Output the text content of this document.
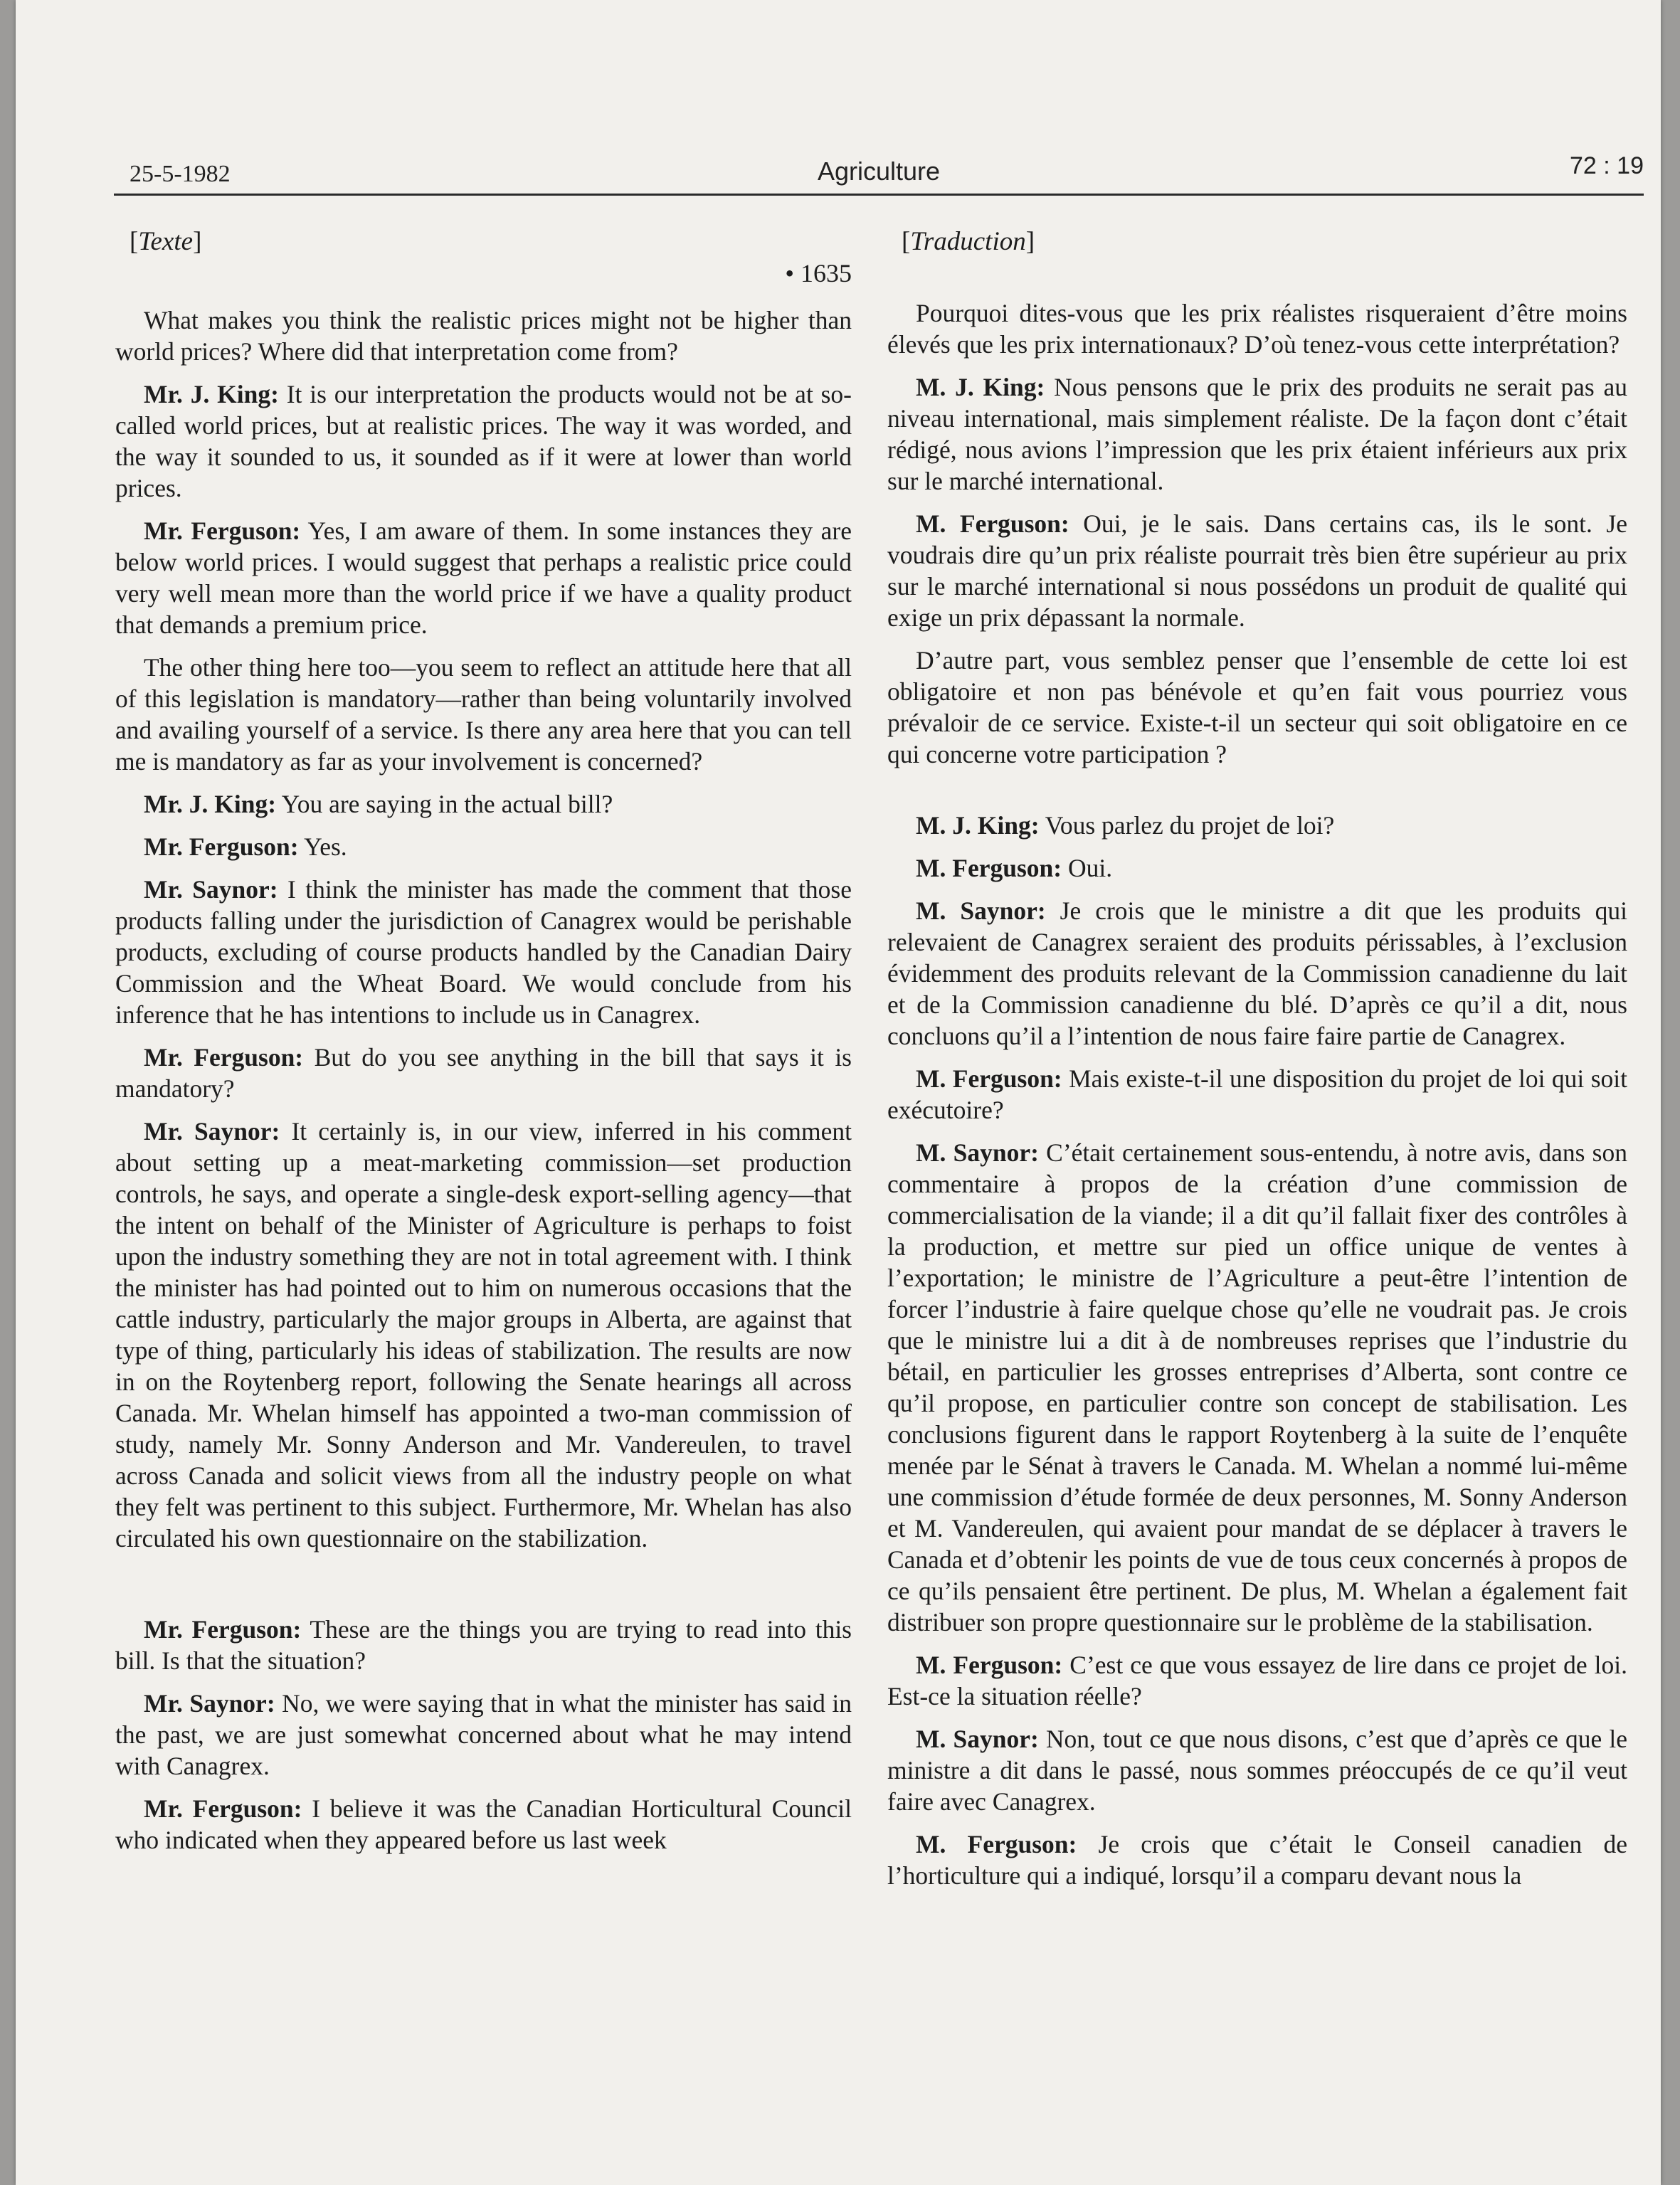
25-5-1982	Agriculture	72 : 19
[Texte]
• 1635

What makes you think the realistic prices might not be higher than world prices? Where did that interpretation come from?

Mr. J. King: It is our interpretation the products would not be at so-called world prices, but at realistic prices. The way it was worded, and the way it sounded to us, it sounded as if it were at lower than world prices.

Mr. Ferguson: Yes, I am aware of them. In some instances they are below world prices. I would suggest that perhaps a realistic price could very well mean more than the world price if we have a quality product that demands a premium price.

The other thing here too—you seem to reflect an attitude here that all of this legislation is mandatory—rather than being voluntarily involved and availing yourself of a service. Is there any area here that you can tell me is mandatory as far as your involvement is concerned?

Mr. J. King: You are saying in the actual bill?

Mr. Ferguson: Yes.

Mr. Saynor: I think the minister has made the comment that those products falling under the jurisdiction of Canagrex would be perishable products, excluding of course products handled by the Canadian Dairy Commission and the Wheat Board. We would conclude from his inference that he has intentions to include us in Canagrex.

Mr. Ferguson: But do you see anything in the bill that says it is mandatory?

Mr. Saynor: It certainly is, in our view, inferred in his comment about setting up a meat-marketing commission—set production controls, he says, and operate a single-desk export-selling agency—that the intent on behalf of the Minister of Agriculture is perhaps to foist upon the industry something they are not in total agreement with. I think the minister has had pointed out to him on numerous occasions that the cattle industry, particularly the major groups in Alberta, are against that type of thing, particularly his ideas of stabilization. The results are now in on the Roytenberg report, following the Senate hearings all across Canada. Mr. Whelan himself has appointed a two-man commission of study, namely Mr. Sonny Anderson and Mr. Vandereulen, to travel across Canada and solicit views from all the industry people on what they felt was pertinent to this subject. Furthermore, Mr. Whelan has also circulated his own questionnaire on the stabilization.

Mr. Ferguson: These are the things you are trying to read into this bill. Is that the situation?

Mr. Saynor: No, we were saying that in what the minister has said in the past, we are just somewhat concerned about what he may intend with Canagrex.

Mr. Ferguson: I believe it was the Canadian Horticultural Council who indicated when they appeared before us last week

[Traduction]

Pourquoi dites-vous que les prix réalistes risqueraient d’être moins élevés que les prix internationaux? D’où tenez-vous cette interprétation?

M. J. King: Nous pensons que le prix des produits ne serait pas au niveau international, mais simplement réaliste. De la façon dont c’était rédigé, nous avions l’impression que les prix étaient inférieurs aux prix sur le marché international.

M. Ferguson: Oui, je le sais. Dans certains cas, ils le sont. Je voudrais dire qu’un prix réaliste pourrait très bien être supérieur au prix sur le marché international si nous possédons un produit de qualité qui exige un prix dépassant la normale.

D’autre part, vous semblez penser que l’ensemble de cette loi est obligatoire et non pas bénévole et qu’en fait vous pourriez vous prévaloir de ce service. Existe-t-il un secteur qui soit obligatoire en ce qui concerne votre participation ?

M. J. King: Vous parlez du projet de loi?

M. Ferguson: Oui.

M. Saynor: Je crois que le ministre a dit que les produits qui relevaient de Canagrex seraient des produits périssables, à l’exclusion évidemment des produits relevant de la Commission canadienne du lait et de la Commission canadienne du blé. D’après ce qu’il a dit, nous concluons qu’il a l’intention de nous faire faire partie de Canagrex.

M. Ferguson: Mais existe-t-il une disposition du projet de loi qui soit exécutoire?

M. Saynor: C’était certainement sous-entendu, à notre avis, dans son commentaire à propos de la création d’une commission de commercialisation de la viande; il a dit qu’il fallait fixer des contrôles à la production, et mettre sur pied un office unique de ventes à l’exportation; le ministre de l’Agriculture a peut-être l’intention de forcer l’industrie à faire quelque chose qu’elle ne voudrait pas. Je crois que le ministre lui a dit à de nombreuses reprises que l’industrie du bétail, en particulier les grosses entreprises d’Alberta, sont contre ce qu’il propose, en particulier contre son concept de stabilisation. Les conclusions figurent dans le rapport Roytenberg à la suite de l’enquête menée par le Sénat à travers le Canada. M. Whelan a nommé lui-même une commission d’étude formée de deux personnes, M. Sonny Anderson et M. Vandereulen, qui avaient pour mandat de se déplacer à travers le Canada et d’obtenir les points de vue de tous ceux concernés à propos de ce qu’ils pensaient être pertinent. De plus, M. Whelan a également fait distribuer son propre questionnaire sur le problème de la stabilisation.

M. Ferguson: C’est ce que vous essayez de lire dans ce projet de loi. Est-ce la situation réelle?

M. Saynor: Non, tout ce que nous disons, c’est que d’après ce que le ministre a dit dans le passé, nous sommes préoccupés de ce qu’il veut faire avec Canagrex.

M. Ferguson: Je crois que c’était le Conseil canadien de l’horticulture qui a indiqué, lorsqu’il a comparu devant nous la
